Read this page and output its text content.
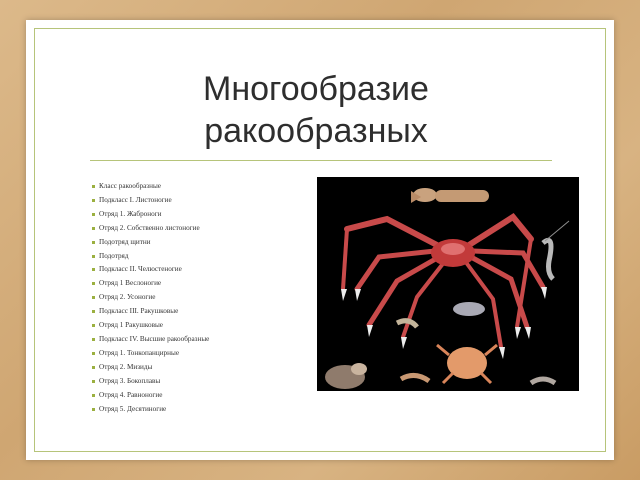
Многообразие
ракообразных
Класс ракообразные
Подкласс I. Листоногие
Отряд 1. Жаброноги
Отряд 2. Собственно листоногие
Подотряд щитни
Подотряд
Подкласс II. Челюстеногие
Отряд 1 Веслоногие
Отряд 2. Усоногие
Подкласс III. Ракушковые
Отряд 1 Ракушковые
Подкласс IV. Высшие ракообразные
Отряд 1. Тонкопанцирные
Отряд 2. Мизиды
Отряд 3. Бокоплавы
Отряд 4. Равноногие
Отряд 5. Десятиногие
